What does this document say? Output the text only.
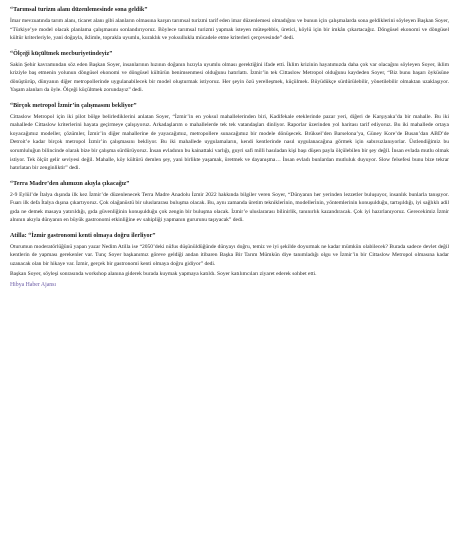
“Tarımsal turizm alanı düzenlemesinde sona geldik”

İmar mevzuatında tarım alanı, ticaret alanı gibi alanların olmasına karşın tarımsal turizmi tarif eden imar düzenlemesi olmadığını ve bunun için çalışmalarda sona geldiklerini söyleyen Başkan Soyer, “Türkiye’ye model olacak planlama çalışmasını sonlandırıyoruz. Böylece tarımsal turizmi yapmak isteyen müteşebbis, üretici, köylü için bir imkân çıkartacağız. Döngüsel ekonomi ve döngüsel kültür kriterleriyle, yani doğayla, iklimle, toprakla uyumlu, kuraklık ve yoksullukla mücadele etme kriterleri çerçevesinde” dedi.

“Ölçeği küçültmek mecburiyetindeyiz”

Sakin Şehir kavramından söz eden Başkan Soyer, insanlarının hızının doğanın hızıyla uyumlu olması gerektiğini ifade etti. İklim krizinin hayatımızda daha çok var olacağını söyleyen Soyer, iklim kriziyle baş etmenin yolunun döngüsel ekonomi ve döngüsel kültürün benimsenmesi olduğunu hatırlattı. İzmir’in tek Cittaslow Metropol olduğunu kaydeden Soyer, “Biz bunu başarı öyküsüne dönüştürüp, dünyanın diğer metropollerinde uygulanabilecek bir model oluşturmak istiyoruz. Her şeyin özü yerelleşmek, küçülmek. Büyüdükçe sürdürülebilir, yönetilebilir olmaktan uzaklaşıyor. Yaşam alanları da öyle. Ölçeği küçültmek zorundayız” dedi.

“Birçok metropol İzmir’in çalışmasını bekliyor”

Cittaslow Metropol için iki pilot bölge belirlediklerini anlatan Soyer, “İzmir’in en yoksul mahallelerinden biri, Kadifekale eteklerinde pazar yeri, diğeri de Karşıyaka’da bir mahalle. Bu iki mahallede Cittaslow kriterlerini hayata geçirmeye çalışıyoruz. Arkadaşlarım o mahallelerde tek tek vatandaşları dinliyor. Raporlar üzerinden yol haritası tarif ediyoruz. Bu iki mahallede ortaya koyacağımız modeller, çözümler, İzmir’in diğer mahallerine de yayacağımız, metropollere sunacağımız bir modele dönüşecek. Brüksel’den Barselona’ya, Güney Kore’de Busan’dan ABD’de Detroit’e kadar birçok metropol İzmir’in çalışmasını bekliyor. Bu iki mahallede uygulamaların, kendi kentlerinde nasıl uygulanacağına görmek için sabırsızlanıyorlar. Üstlendiğimiz bu sorumluluğun bilincinde olarak bize bir çalışma sürdürüyoruz. İnsan evladının bu kainattaki varlığı, guyri safi milli hasıladan kişi başı düşen payla ölçülebilen bir şey değil. İnsan evlada mutlu olmak istiyor. Tek ölçüt gelir seviyesi değil. Mahalle, köy kültürü demlen şey, yani birlikte yaşamak, üretmek ve dayanışma… İnsan evladı bunlardan mutluluk duyuyor. Slow felsefesi bunu bize tekrar hatırlatan bir zenginliktir” dedi.

“Terra Madre’den ahımızın akıyla çıkacağız”

2-9 Eylül’de İtalya dışında ilk kez İzmir’de düzenlenecek Terra Madre Anadolu İzmir 2022 hakkında bilgiler veren Soyer, “Dünyanın her yerinden lezzetler buluşuyor, insanlık bunlarla tanışıyor. Fuarı ilk defa İtalya dışına çıkartıyoruz. Çok olağanüstü bir uluslararası buluşma olacak. Bu, aynı zamanda üretim teknikleri̇nin, modelleri̇nin, yöntemlerinin konuşulduğu, tartışıldığı, iyi sağlıklı adil gıda ne demek masaya yatırıldığı, gıda güvenliğinin konuşulduğu çok zengin bir buluşma olacak. İzmir’e uluslararası bilinirlik, tanınırlık kazandıracak. Çok iyi hazırlanıyoruz. Gerecekimiz İzmir alnının akıyla dünyanın en büyük gastronomi etkinliğine ev sahipliği yapmanın gururunu taşıyacak” dedi.

Atilla: “İzmir gastronomi kenti olmaya doğru ilerliyor”

Oturumun moderatörlüğünü yapan yazar Nedim Atilla ise “2050’deki nüfus düşünüldüğünde dünyayı doğru, temiz ve iyi şekilde doyurmak ne kadar mümkün olabilecek? Burada sadece devlet değil kentlerin de yapması gerekenler var. Tunç Soyer başkanımız göreve geldiği andan itibaren Başka Bir Tarım Mümkün diye tanımladığı olgu ve İzmir’in bir Cittaslow Metropol olmasına kadar uzanacak olan bir hikaye var. İzmir, gerçek bir gastronomi kenti olmaya doğru gidiyor” dedi.

Başkan Soyer, söyleşi sonrasında workshop alanına giderek burada kuymak yapmaya katıldı. Soyer katılımcıları ziyaret ederek sohbet etti.

Hibya Haber Ajansı
